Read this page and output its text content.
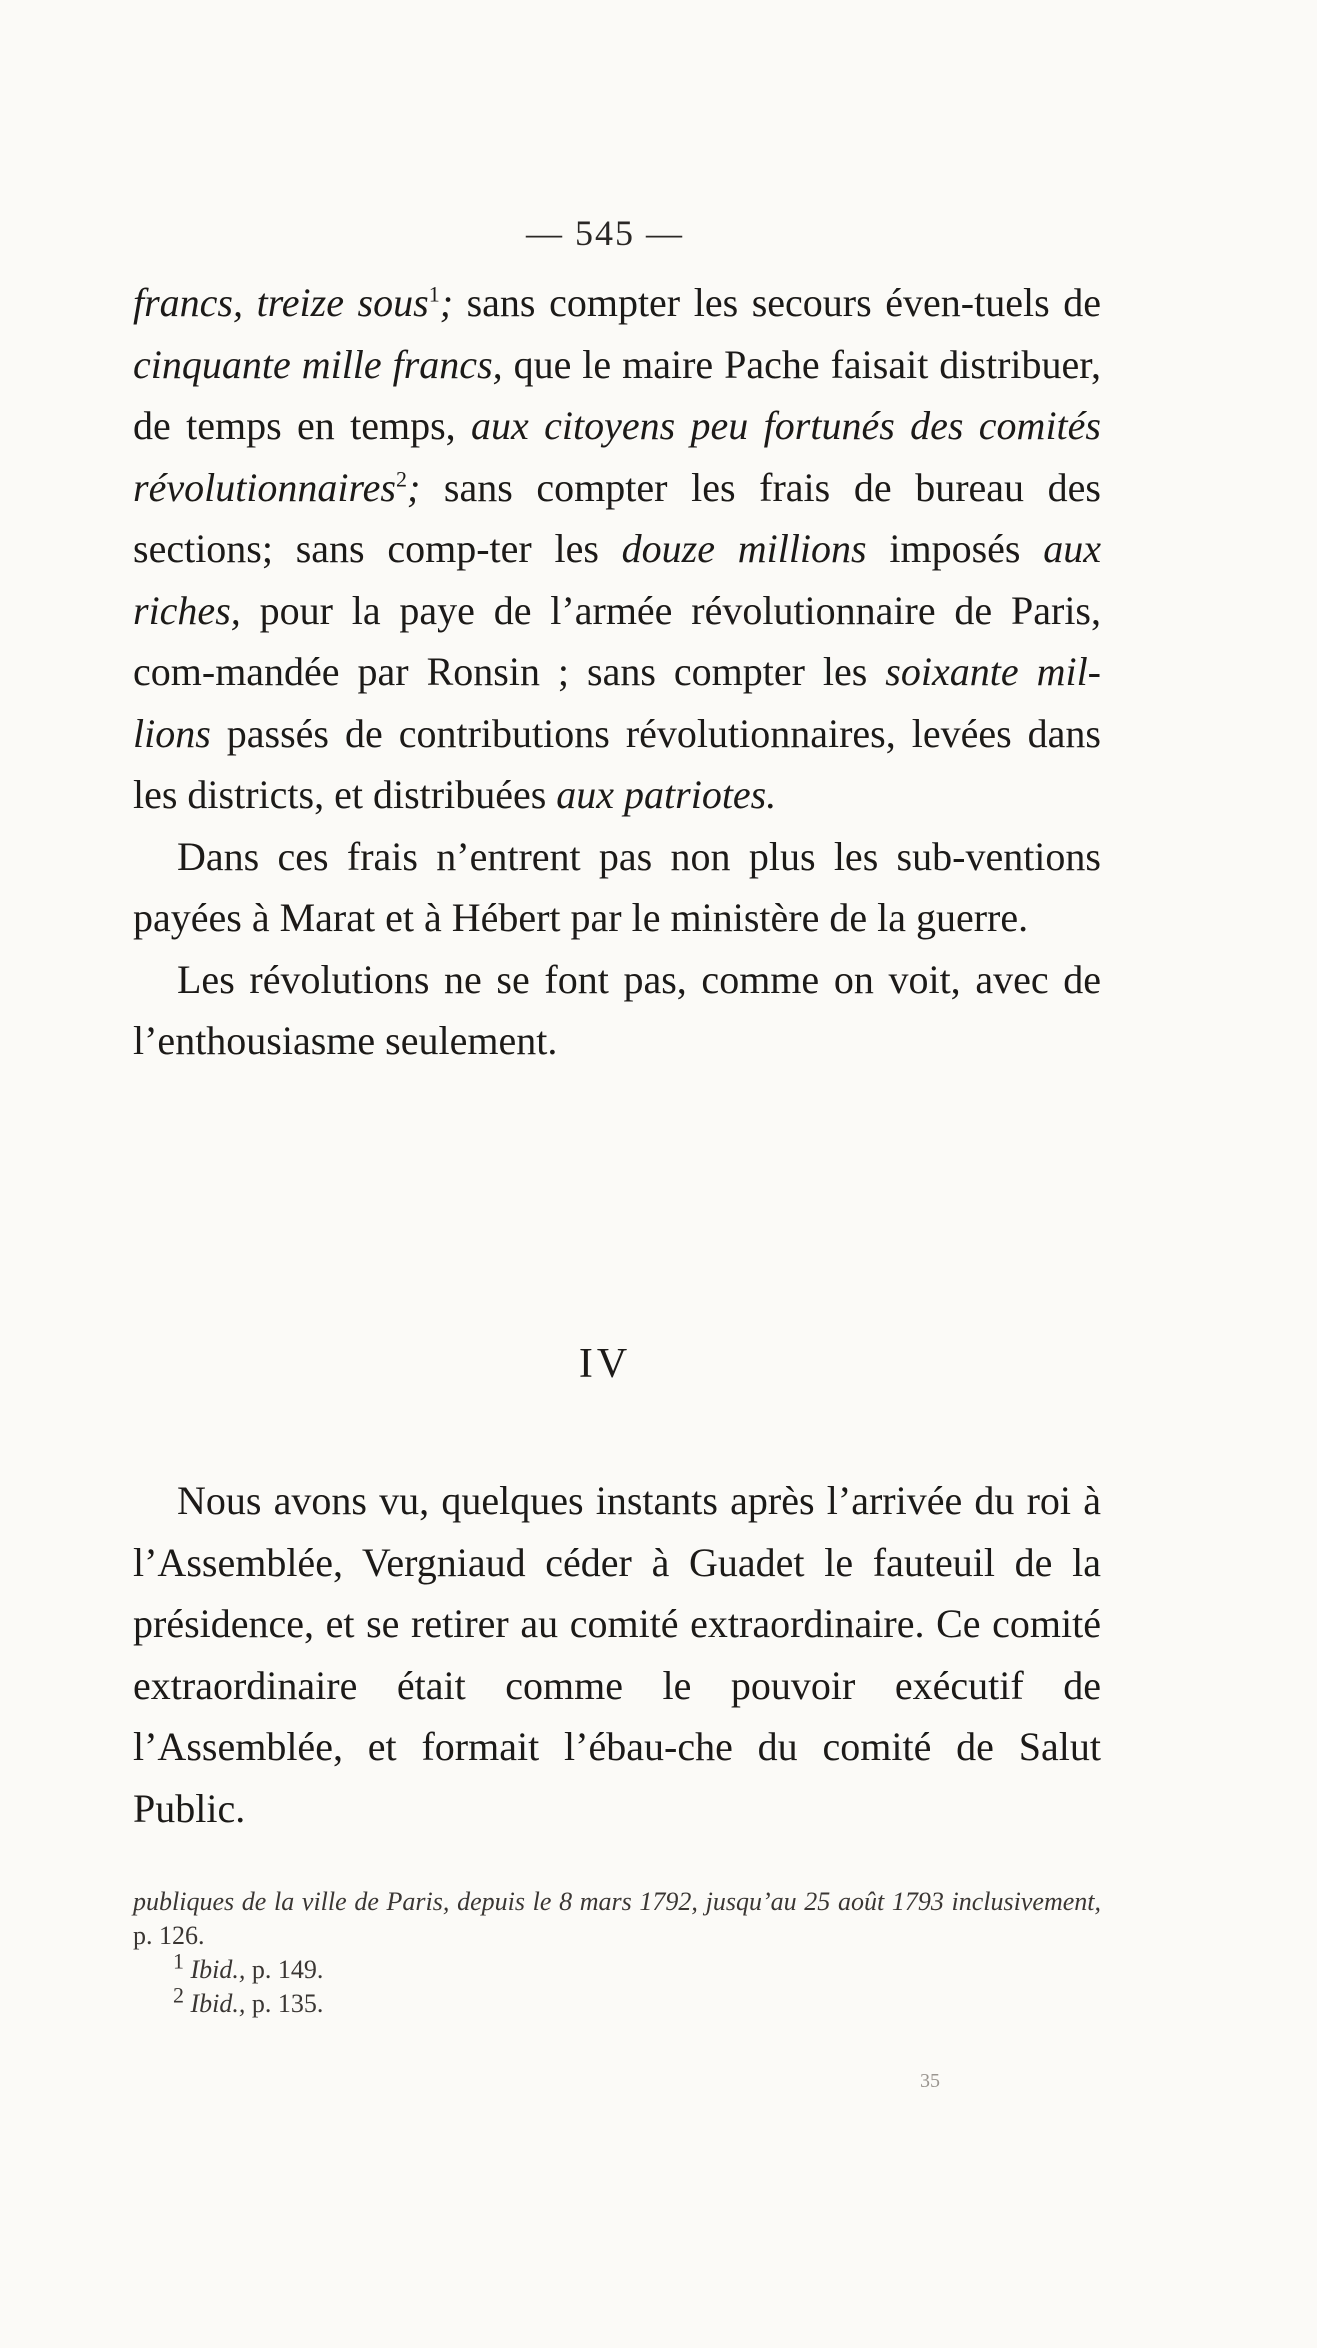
— 545 —

francs, treize sous$^1$; sans compter les secours éven-tuels de cinquante mille francs, que le maire Pache faisait distribuer, de temps en temps, aux citoyens peu fortunés des comités révolutionnaires$^2$; sans compter les frais de bureau des sections; sans comp-ter les douze millions imposés aux riches, pour la paye de l’armée révolutionnaire de Paris, com-mandée par Ronsin ; sans compter les soixante mil-lions passés de contributions révolutionnaires, levées dans les districts, et distribuées aux patriotes.

Dans ces frais n’entrent pas non plus les sub-ventions payées à Marat et à Hébert par le ministère de la guerre.

Les révolutions ne se font pas, comme on voit, avec de l’enthousiasme seulement.

IV

Nous avons vu, quelques instants après l’arrivée du roi à l’Assemblée, Vergniaud céder à Guadet le fauteuil de la présidence, et se retirer au comité extraordinaire. Ce comité extraordinaire était comme le pouvoir exécutif de l’Assemblée, et formait l’ébau-che du comité de Salut Public.

publiques de la ville de Paris, depuis le 8 mars 1792, jusqu’au 25 août 1793 inclusivement, p. 126.

$^1$ Ibid., p. 149.

$^2$ Ibid., p. 135.

35
